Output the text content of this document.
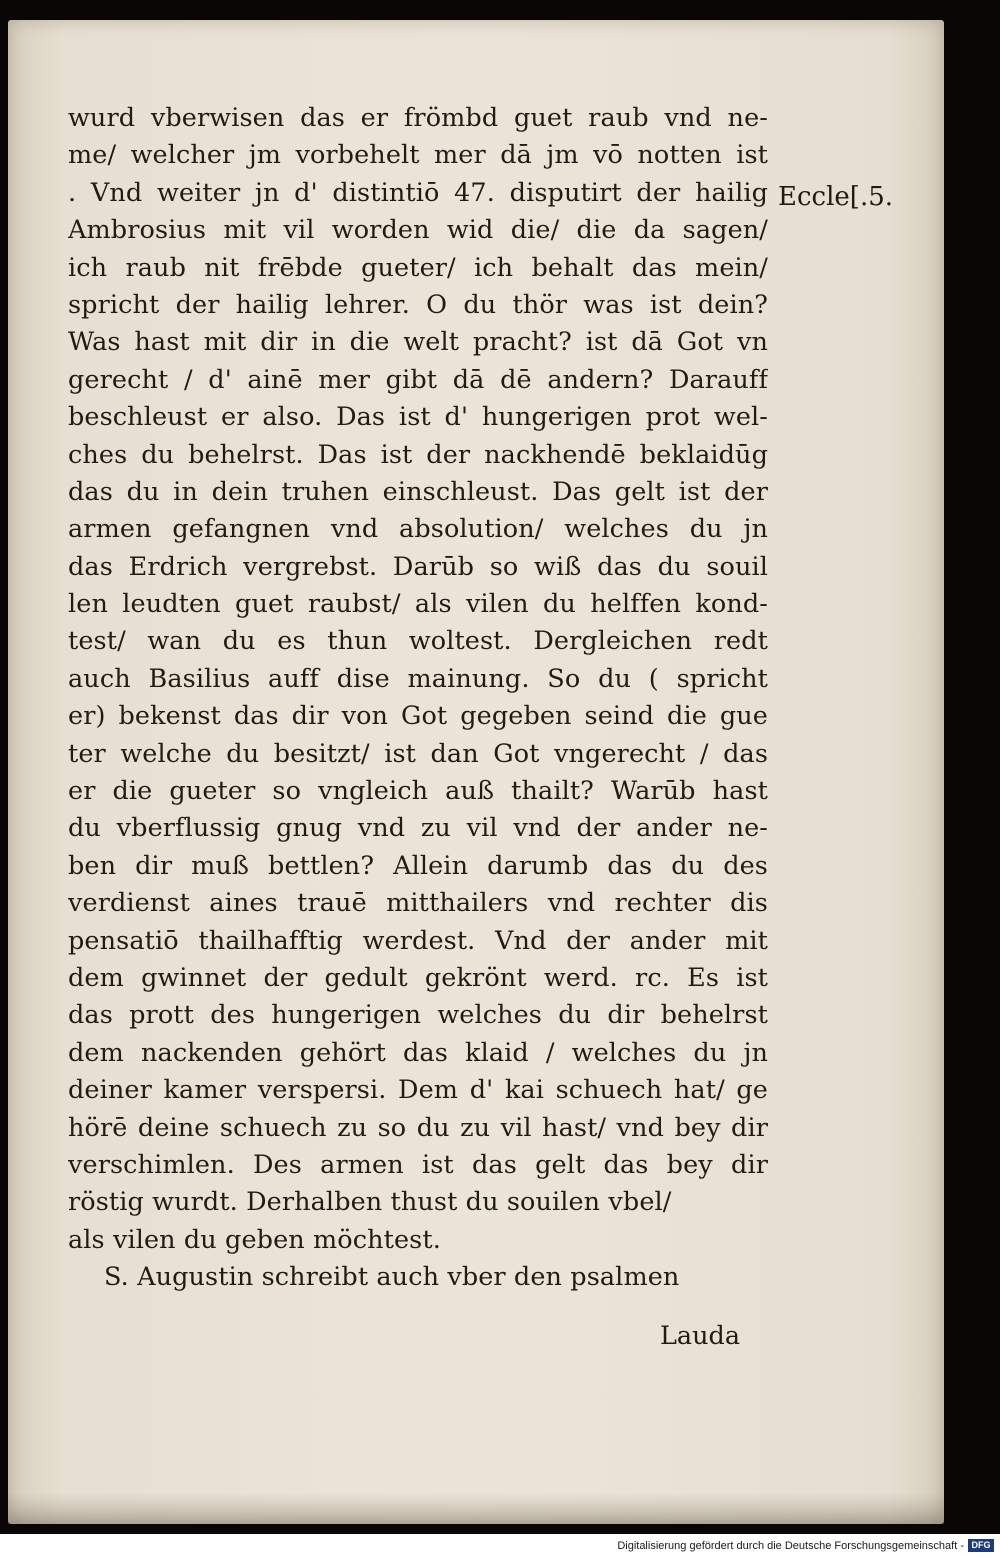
Eccle[.5.
wurd vberwisen das er frömbd guet raub vnd ne-
me/ welcher jm vorbehelt mer dā jm vō notten ist
. Vnd weiter jn d' distintiō 47. disputirt der hailig
Ambrosius mit vil worden wid die/ die da sagen/
ich raub nit frēbde gueter/ ich behalt das mein/
spricht der hailig lehrer. O du thör was ist dein?
Was hast mit dir in die welt pracht? ist dā Got vn
gerecht / d' ainē mer gibt dā dē andern? Darauff
beschleust er also. Das ist d' hungerigen prot wel-
ches du behelrst. Das ist der nackhendē beklaidūg
das du in dein truhen einschleust. Das gelt ist der
armen gefangnen vnd absolution/ welches du jn
das Erdrich vergrebst. Darūb so wiß das du souil
len leudten guet raubst/ als vilen du helffen kond-
test/ wan du es thun woltest. Dergleichen redt
auch Basilius auff dise mainung. So du ( spricht
er) bekenst das dir von Got gegeben seind die gue
ter welche du besitzt/ ist dan Got vngerecht / das
er die gueter so vngleich auß thailt? Warūb hast
du vberflussig gnug vnd zu vil vnd der ander ne-
ben dir muß bettlen? Allein darumb das du des
verdienst aines trauē mitthailers vnd rechter dis
pensatiō thailhafftig werdest. Vnd der ander mit
dem gwinnet der gedult gekrönt werd. rc. Es ist
das prott des hungerigen welches du dir behelrst
dem nackenden gehört das klaid / welches du jn
deiner kamer verspersi. Dem d' kai schuech hat/ ge
hörē deine schuech zu so du zu vil hast/ vnd bey dir
verschimlen. Des armen ist das gelt das bey dir
röstig wurdt. Derhalben thust du souilen vbel/
als vilen du geben möchtest.
S. Augustin schreibt auch vber den psalmen
Lauda
Digitalisierung gefördert durch die Deutsche Forschungsgemeinschaft - DFG
